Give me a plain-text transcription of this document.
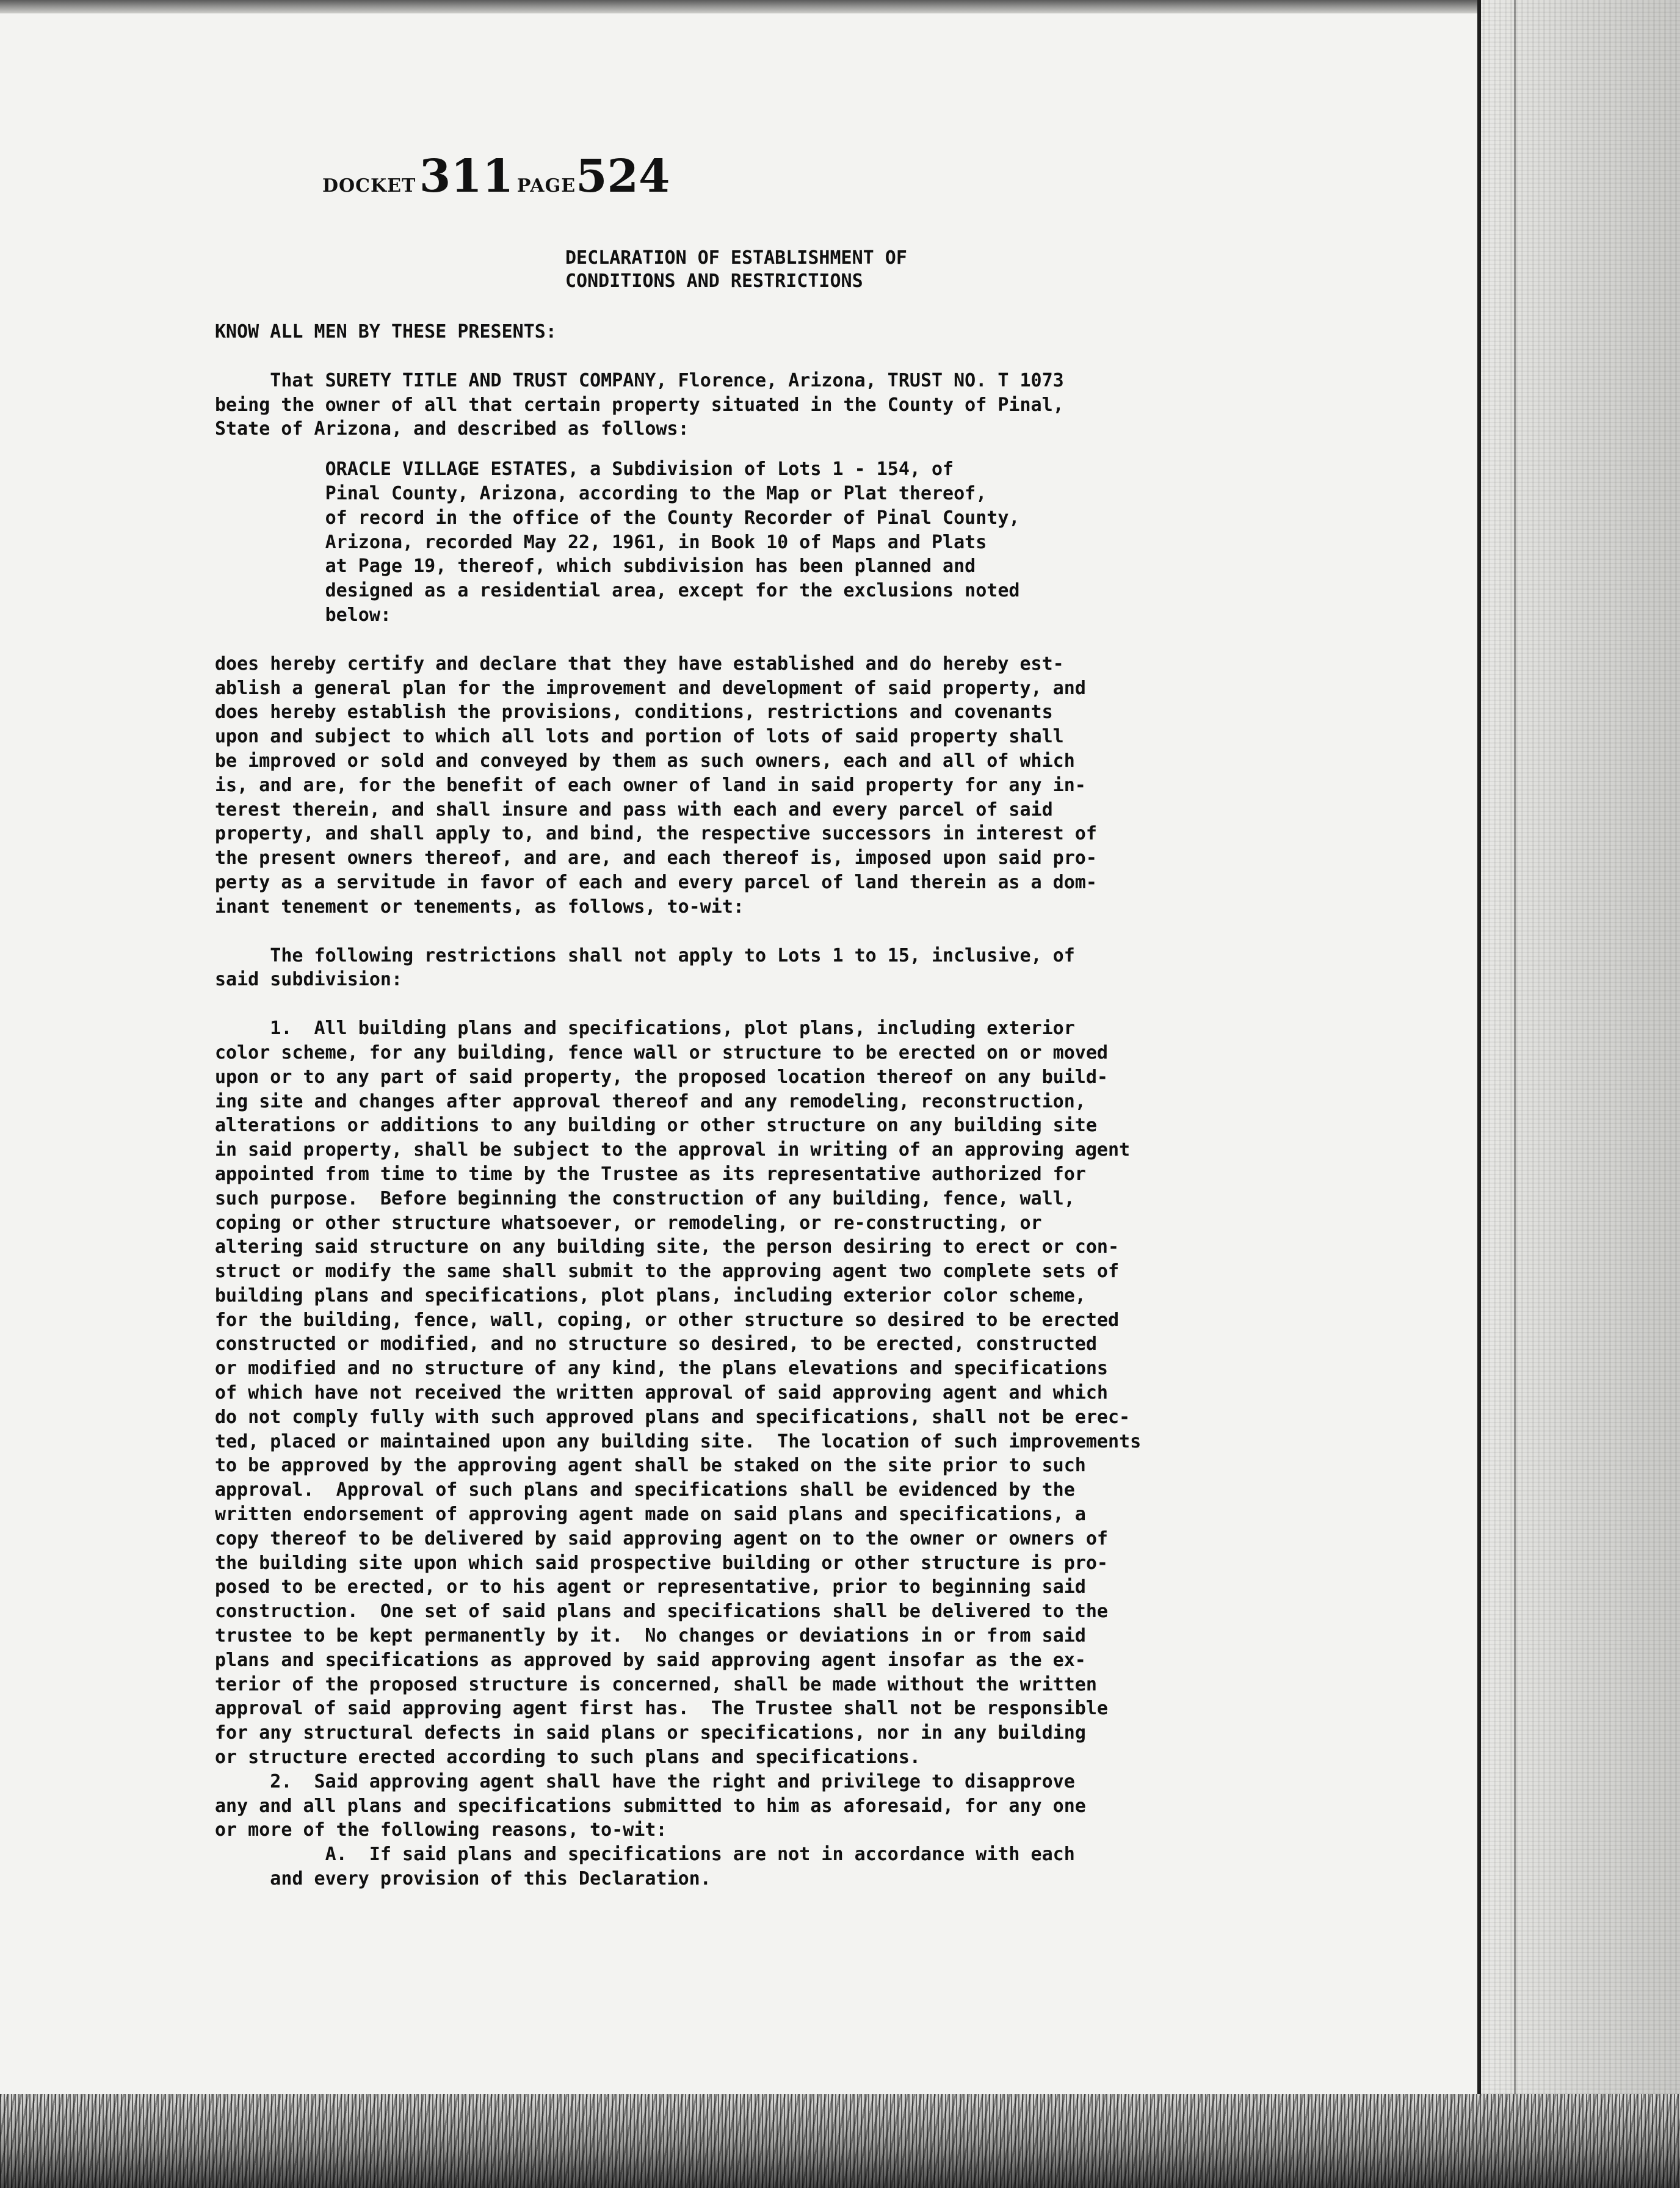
DOCKET 311 PAGE524
DECLARATION OF ESTABLISHMENT OF
CONDITIONS AND RESTRICTIONS

KNOW ALL MEN BY THESE PRESENTS:

That SURETY TITLE AND TRUST COMPANY, Florence, Arizona, TRUST NO. T 1073

being the owner of all that certain property situated in the County of Pinal,

State of Arizona, and described as follows:

ORACLE VILLAGE ESTATES, a Subdivision of Lots 1 - 154, of

Pinal County, Arizona, according to the Map or Plat thereof,

of record in the office of the County Recorder of Pinal County,

Arizona, recorded May 22, 1961, in Book 10 of Maps and Plats

at Page 19, thereof, which subdivision has been planned and

designed as a residential area, except for the exclusions noted

below:

does hereby certify and declare that they have established and do hereby est-

ablish a general plan for the improvement and development of said property, and

does hereby establish the provisions, conditions, restrictions and covenants

upon and subject to which all lots and portion of lots of said property shall

be improved or sold and conveyed by them as such owners, each and all of which

is, and are, for the benefit of each owner of land in said property for any in-

terest therein, and shall insure and pass with each and every parcel of said

property, and shall apply to, and bind, the respective successors in interest of

the present owners thereof, and are, and each thereof is, imposed upon said pro-

perty as a servitude in favor of each and every parcel of land therein as a dom-

inant tenement or tenements, as follows, to-wit:

The following restrictions shall not apply to Lots 1 to 15, inclusive, of

said subdivision:

1.  All building plans and specifications, plot plans, including exterior

color scheme, for any building, fence wall or structure to be erected on or moved

upon or to any part of said property, the proposed location thereof on any build-

ing site and changes after approval thereof and any remodeling, reconstruction,

alterations or additions to any building or other structure on any building site

in said property, shall be subject to the approval in writing of an approving agent

appointed from time to time by the Trustee as its representative authorized for

such purpose.  Before beginning the construction of any building, fence, wall,

coping or other structure whatsoever, or remodeling, or re-constructing, or

altering said structure on any building site, the person desiring to erect or con-

struct or modify the same shall submit to the approving agent two complete sets of

building plans and specifications, plot plans, including exterior color scheme,

for the building, fence, wall, coping, or other structure so desired to be erected

constructed or modified, and no structure so desired, to be erected, constructed

or modified and no structure of any kind, the plans elevations and specifications

of which have not received the written approval of said approving agent and which

do not comply fully with such approved plans and specifications, shall not be erec-

ted, placed or maintained upon any building site.  The location of such improvements

to be approved by the approving agent shall be staked on the site prior to such

approval.  Approval of such plans and specifications shall be evidenced by the

written endorsement of approving agent made on said plans and specifications, a

copy thereof to be delivered by said approving agent on to the owner or owners of

the building site upon which said prospective building or other structure is pro-

posed to be erected, or to his agent or representative, prior to beginning said

construction.  One set of said plans and specifications shall be delivered to the

trustee to be kept permanently by it.  No changes or deviations in or from said

plans and specifications as approved by said approving agent insofar as the ex-

terior of the proposed structure is concerned, shall be made without the written

approval of said approving agent first has.  The Trustee shall not be responsible

for any structural defects in said plans or specifications, nor in any building

or structure erected according to such plans and specifications.

2.  Said approving agent shall have the right and privilege to disapprove

any and all plans and specifications submitted to him as aforesaid, for any one

or more of the following reasons, to-wit:

A.  If said plans and specifications are not in accordance with each

and every provision of this Declaration.
